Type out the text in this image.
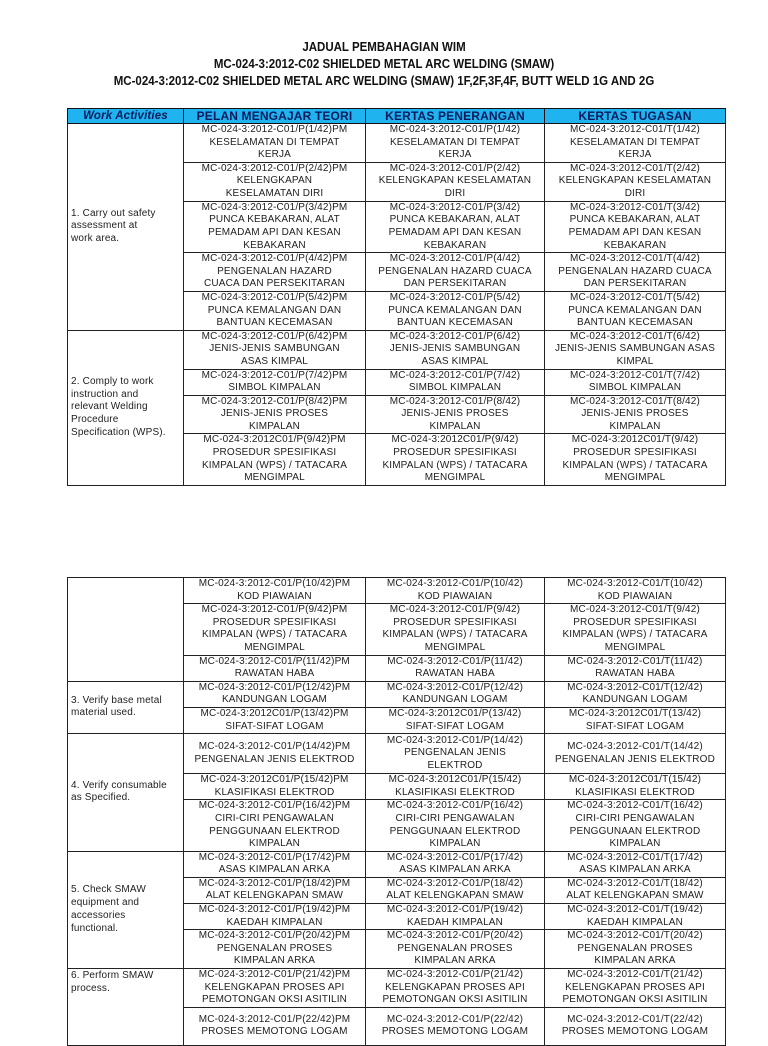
JADUAL PEMBAHAGIAN WIM
MC-024-3:2012-C02 SHIELDED METAL ARC WELDING (SMAW)
MC-024-3:2012-C02 SHIELDED METAL ARC WELDING (SMAW) 1F,2F,3F,4F, BUTT WELD 1G AND 2G
Work Activities	PELAN MENGAJAR TEORI	KERTAS PENERANGAN	KERTAS TUGASAN

1. Carry out safety
assessment at
work area.	MC-024-3:2012-C01/P(1/42)PM
KESELAMATAN DI TEMPAT
KERJA	MC-024-3:2012-C01/P(1/42)
KESELAMATAN DI TEMPAT
KERJA	MC-024-3:2012-C01/T(1/42)
KESELAMATAN DI TEMPAT
KERJA

	MC-024-3:2012-C01/P(2/42)PM
KELENGKAPAN
KESELAMATAN DIRI	MC-024-3:2012-C01/P(2/42)
KELENGKAPAN KESELAMATAN
DIRI	MC-024-3:2012-C01/T(2/42)
KELENGKAPAN KESELAMATAN
DIRI

	MC-024-3:2012-C01/P(3/42)PM
PUNCA KEBAKARAN, ALAT
PEMADAM API DAN KESAN
KEBAKARAN	MC-024-3:2012-C01/P(3/42)
PUNCA KEBAKARAN, ALAT
PEMADAM API DAN KESAN
KEBAKARAN	MC-024-3:2012-C01/T(3/42)
PUNCA KEBAKARAN, ALAT
PEMADAM API DAN KESAN
KEBAKARAN

	MC-024-3:2012-C01/P(4/42)PM
PENGENALAN HAZARD
CUACA DAN PERSEKITARAN	MC-024-3:2012-C01/P(4/42)
PENGENALAN HAZARD CUACA
DAN PERSEKITARAN	MC-024-3:2012-C01/T(4/42)
PENGENALAN HAZARD CUACA
DAN PERSEKITARAN

	MC-024-3:2012-C01/P(5/42)PM
PUNCA KEMALANGAN DAN
BANTUAN KECEMASAN	MC-024-3:2012-C01/P(5/42)
PUNCA KEMALANGAN DAN
BANTUAN KECEMASAN	MC-024-3:2012-C01/T(5/42)
PUNCA KEMALANGAN DAN
BANTUAN KECEMASAN

2. Comply to work
instruction and
relevant Welding
Procedure
Specification (WPS).	MC-024-3:2012-C01/P(6/42)PM
JENIS-JENIS SAMBUNGAN
ASAS KIMPAL	MC-024-3:2012-C01/P(6/42)
JENIS-JENIS SAMBUNGAN
ASAS KIMPAL	MC-024-3:2012-C01/T(6/42)
JENIS-JENIS SAMBUNGAN ASAS
KIMPAL

	MC-024-3:2012-C01/P(7/42)PM
SIMBOL KIMPALAN	MC-024-3:2012-C01/P(7/42)
SIMBOL KIMPALAN	MC-024-3:2012-C01/T(7/42)
SIMBOL KIMPALAN

	MC-024-3:2012-C01/P(8/42)PM
JENIS-JENIS PROSES
KIMPALAN	MC-024-3:2012-C01/P(8/42)
JENIS-JENIS PROSES
KIMPALAN	MC-024-3:2012-C01/T(8/42)
JENIS-JENIS PROSES
KIMPALAN

	MC-024-3:2012C01/P(9/42)PM
PROSEDUR SPESIFIKASI
KIMPALAN (WPS) / TATACARA
MENGIMPAL	MC-024-3:2012C01/P(9/42)
PROSEDUR SPESIFIKASI
KIMPALAN (WPS) / TATACARA
MENGIMPAL	MC-024-3:2012C01/T(9/42)
PROSEDUR SPESIFIKASI
KIMPALAN (WPS) / TATACARA
MENGIMPAL

	MC-024-3:2012-C01/P(10/42)PM
KOD PIAWAIAN	MC-024-3:2012-C01/P(10/42)
KOD PIAWAIAN	MC-024-3:2012-C01/T(10/42)
KOD PIAWAIAN

	MC-024-3:2012-C01/P(9/42)PM
PROSEDUR SPESIFIKASI
KIMPALAN (WPS) / TATACARA
MENGIMPAL	MC-024-3:2012-C01/P(9/42)
PROSEDUR SPESIFIKASI
KIMPALAN (WPS) / TATACARA
MENGIMPAL	MC-024-3:2012-C01/T(9/42)
PROSEDUR SPESIFIKASI
KIMPALAN (WPS) / TATACARA
MENGIMPAL

	MC-024-3:2012-C01/P(11/42)PM
RAWATAN HABA	MC-024-3:2012-C01/P(11/42)
RAWATAN HABA	MC-024-3:2012-C01/T(11/42)
RAWATAN HABA

3. Verify base metal
material used.	MC-024-3:2012-C01/P(12/42)PM
KANDUNGAN LOGAM	MC-024-3:2012-C01/P(12/42)
KANDUNGAN LOGAM	MC-024-3:2012-C01/T(12/42)
KANDUNGAN LOGAM

	MC-024-3:2012C01/P(13/42)PM
SIFAT-SIFAT LOGAM	MC-024-3:2012C01/P(13/42)
SIFAT-SIFAT LOGAM	MC-024-3:2012C01/T(13/42)
SIFAT-SIFAT LOGAM

4. Verify consumable
as Specified.	MC-024-3:2012-C01/P(14/42)PM
PENGENALAN JENIS ELEKTROD	MC-024-3:2012-C01/P(14/42)
PENGENALAN JENIS
ELEKTROD	MC-024-3:2012-C01/T(14/42)
PENGENALAN JENIS ELEKTROD

	MC-024-3:2012C01/P(15/42)PM
KLASIFIKASI ELEKTROD	MC-024-3:2012C01/P(15/42)
KLASIFIKASI ELEKTROD	MC-024-3:2012C01/T(15/42)
KLASIFIKASI ELEKTROD

	MC-024-3:2012-C01/P(16/42)PM
CIRI-CIRI PENGAWALAN
PENGGUNAAN ELEKTROD
KIMPALAN	MC-024-3:2012-C01/P(16/42)
CIRI-CIRI PENGAWALAN
PENGGUNAAN ELEKTROD
KIMPALAN	MC-024-3:2012-C01/T(16/42)
CIRI-CIRI PENGAWALAN
PENGGUNAAN ELEKTROD
KIMPALAN

5. Check SMAW
equipment and
accessories
functional.	MC-024-3:2012-C01/P(17/42)PM
ASAS KIMPALAN ARKA	MC-024-3:2012-C01/P(17/42)
ASAS KIMPALAN ARKA	MC-024-3:2012-C01/T(17/42)
ASAS KIMPALAN ARKA

	MC-024-3:2012-C01/P(18/42)PM
ALAT KELENGKAPAN SMAW	MC-024-3:2012-C01/P(18/42)
ALAT KELENGKAPAN SMAW	MC-024-3:2012-C01/T(18/42)
ALAT KELENGKAPAN SMAW

	MC-024-3:2012-C01/P(19/42)PM
KAEDAH KIMPALAN	MC-024-3:2012-C01/P(19/42)
KAEDAH KIMPALAN	MC-024-3:2012-C01/T(19/42)
KAEDAH KIMPALAN

	MC-024-3:2012-C01/P(20/42)PM
PENGENALAN PROSES
KIMPALAN ARKA	MC-024-3:2012-C01/P(20/42)
PENGENALAN PROSES
KIMPALAN ARKA	MC-024-3:2012-C01/T(20/42)
PENGENALAN PROSES
KIMPALAN ARKA

6. Perform SMAW
process.	MC-024-3:2012-C01/P(21/42)PM
KELENGKAPAN PROSES API
PEMOTONGAN OKSI ASITILIN	MC-024-3:2012-C01/P(21/42)
KELENGKAPAN PROSES API
PEMOTONGAN OKSI ASITILIN	MC-024-3:2012-C01/T(21/42)
KELENGKAPAN PROSES API
PEMOTONGAN OKSI ASITILIN

	MC-024-3:2012-C01/P(22/42)PM
PROSES MEMOTONG LOGAM	MC-024-3:2012-C01/P(22/42)
PROSES MEMOTONG LOGAM	MC-024-3:2012-C01/T(22/42)
PROSES MEMOTONG LOGAM
